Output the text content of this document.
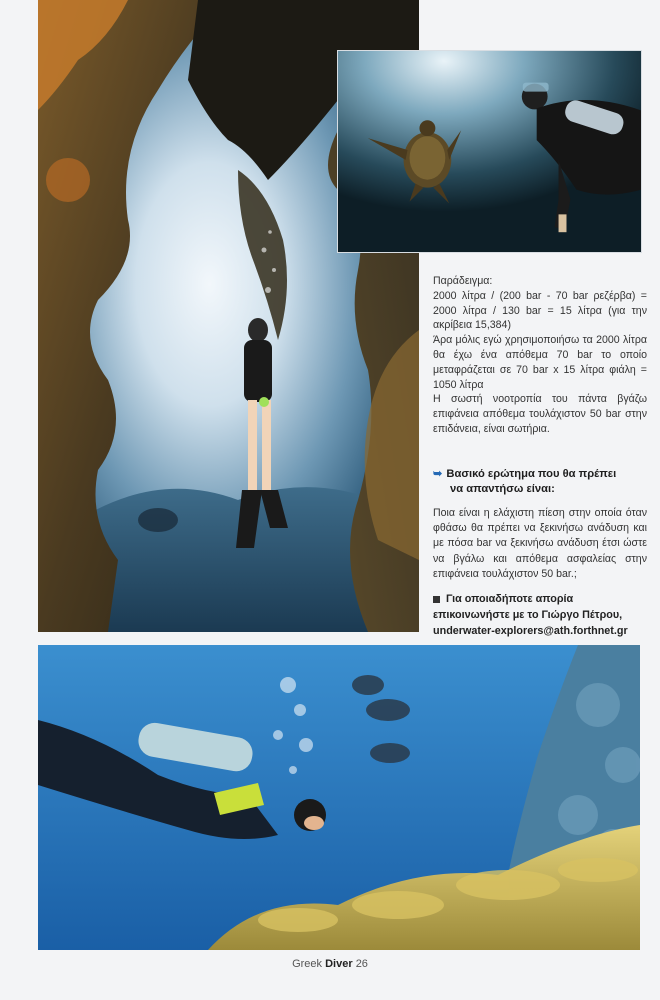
Παράδειγμα:

2000 λίτρα / (200 bar - 70 bar ρεζέρβα) = 2000 λίτρα / 130 bar = 15 λίτρα (για την ακρίβεια 15,384)

Άρα μόλις εγώ χρησιμοποιήσω τα 2000 λίτρα θα έχω ένα απόθεμα 70 bar το οποίο μεταφράζεται σε 70 bar x 15 λίτρα φιάλη = 1050 λίτρα

Η σωστή νοοτροπία του πάντα βγάζω επιφάνεια απόθεμα τουλάχιστον 50 bar στην επιδάνεια, είναι σωτήρια.

➥ Βασικό ερώτημα που θα πρέπει
να απαντήσω είναι:
Ποια είναι η ελάχιστη πίεση στην οποία όταν φθάσω θα πρέπει να ξεκινήσω ανάδυση και με πόσα bar να ξεκινήσω ανάδυση έτσι ώστε να βγάλω και απόθεμα ασφαλείας στην επιφάνεια τουλάχιστον 50 bar.;
Για οποιαδήποτε απορία
επικοινωνήστε με το Γιώργο Πέτρου,
underwater-explorers@ath.forthnet.gr
Greek Diver 26
